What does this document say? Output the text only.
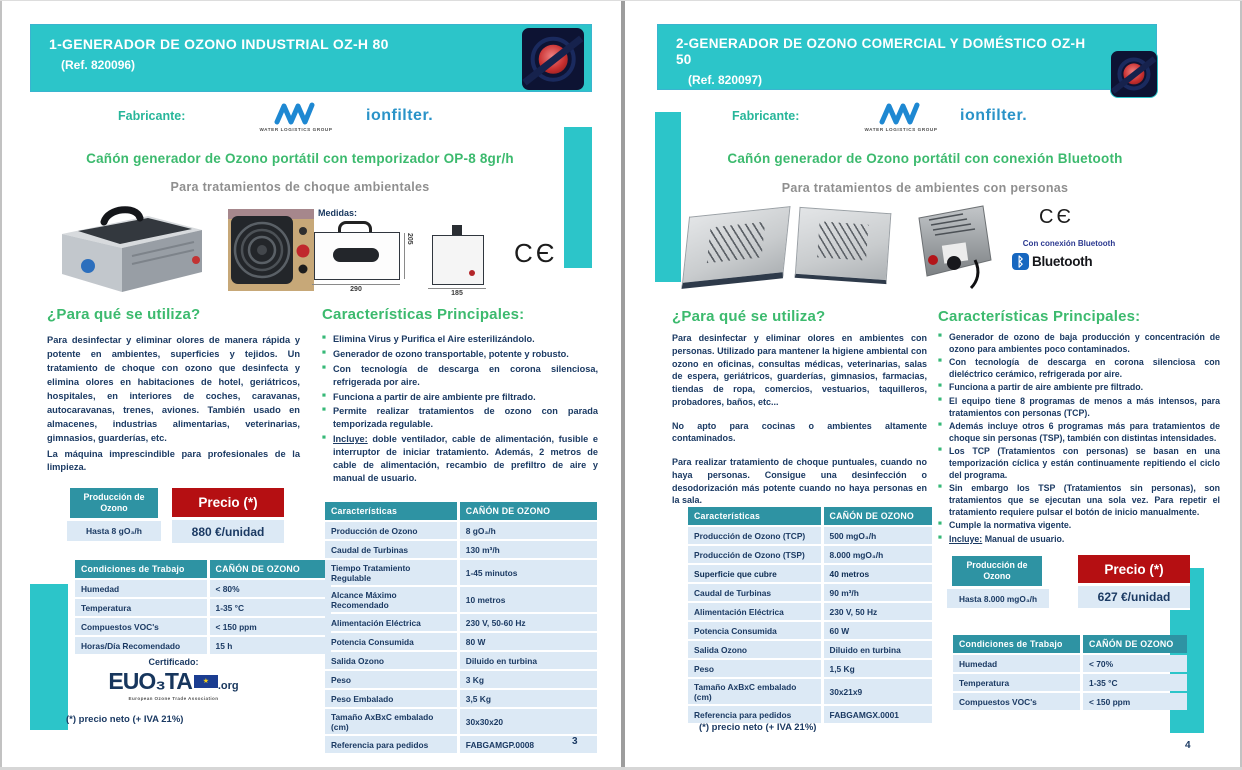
1-GENERADOR DE OZONO INDUSTRIAL OZ-H 80
(Ref. 820096)
Fabricante:
WATER LOGISTICS GROUP
ionfilter.
Cañón generador de Ozono portátil con temporizador OP-8 8gr/h
Para tratamientos de choque ambientales
Medidas:
290
205
185
CЄ
¿Para qué se utiliza?

Para desinfectar y eliminar olores de manera rápida y potente en ambientes, superficies y tejidos. Un tratamiento de choque con ozono que desinfecta y elimina olores en habitaciones de hotel, geriátricos, hospitales, en interiores de coches, caravanas, autocaravanas, trenes, aviones. También usado en almacenes, industrias alimentarias, veterinarias, gimnasios, guarderías, etc.

La máquina imprescindible para profesionales de la limpieza.

Producción de Ozono
Hasta 8 gO₃/h
Precio (*)
880 €/unidad
Condiciones de Trabajo	CAÑÓN DE OZONO
Humedad	< 80%
Temperatura	1-35 °C
Compuestos VOC's	< 150 ppm
Horas/Día Recomendado	15 h
Certificado:
EUO₃TA ★ .org
European Ozone Trade Association
(*) precio neto (+ IVA 21%)
Características Principales:
■ Elimina Virus y Purifica el Aire esterilizándolo.
■ Generador de ozono transportable, potente y robusto.
■ Con tecnología de descarga en corona silenciosa, refrigerada por aire.
■ Funciona a partir de aire ambiente pre filtrado.
■ Permite realizar tratamientos de ozono con parada temporizada regulable.
■ Incluye: doble ventilador, cable de alimentación, fusible e interruptor de iniciar tratamiento. Además, 2 metros de cable de alimentación, recambio de prefiltro de aire y manual de usuario.
Características	CAÑÓN DE OZONO
Producción de Ozono	8 gO₃/h
Caudal de Turbinas	130 m³/h
Tiempo Tratamiento Regulable	1-45 minutos
Alcance Máximo Recomendado	10 metros
Alimentación Eléctrica	230 V, 50-60 Hz
Potencia Consumida	80 W
Salida Ozono	Diluido en turbina
Peso	3 Kg
Peso Embalado	3,5 Kg
Tamaño AxBxC embalado (cm)	30x30x20
Referencia para pedidos	FABGAMGP.0008	3
2-GENERADOR DE OZONO COMERCIAL Y DOMÉSTICO OZ-H 50
(Ref. 820097)
Fabricante:
WATER LOGISTICS GROUP
ionfilter.
Cañón generador de Ozono portátil con conexión Bluetooth
Para tratamientos de ambientes con personas
CЄ
Con conexión Bluetooth
ᛒ Bluetooth
¿Para qué se utiliza?

Para desinfectar y eliminar olores en ambientes con personas. Utilizado para mantener la higiene ambiental con ozono en oficinas, consultas médicas, veterinarias, salas de espera, geriátricos, guarderías, gimnasios, farmacias, tiendas de ropa, comercios, vestuarios, taquilleros, probadores, baños, etc...

No apto para cocinas o ambientes altamente contaminados.

Para realizar tratamiento de choque puntuales, cuando no haya personas. Consigue una desinfección o desodorización más potente cuando no haya personas en la sala.

Características	CAÑÓN DE OZONO
Producción de Ozono (TCP)	500 mgO₃/h
Producción de Ozono (TSP)	8.000 mgO₃/h
Superficie que cubre	40 metros
Caudal de Turbinas	90 m³/h
Alimentación Eléctrica	230 V, 50 Hz
Potencia Consumida	60 W
Salida Ozono	Diluido en turbina
Peso	1,5 Kg
Tamaño AxBxC embalado (cm)	30x21x9
Referencia para pedidos	FABGAMGX.0001
(*) precio neto (+ IVA 21%)
Características Principales:
■ Generador de ozono de baja producción y concentración de ozono para ambientes poco contaminados.
■ Con tecnología de descarga en corona silenciosa con dieléctrico cerámico, refrigerada por aire.
■ Funciona a partir de aire ambiente pre filtrado.
■ El equipo tiene 8 programas de menos a más intensos, para tratamientos con personas (TCP).
■ Además incluye otros 6 programas más para tratamientos de choque sin personas (TSP), también con distintas intensidades.
■ Los TCP (Tratamientos con personas) se basan en una temporización cíclica y están continuamente repitiendo el ciclo del programa.
■ Sin embargo los TSP (Tratamientos sin personas), son tratamientos que se ejecutan una sola vez. Para repetir el tratamiento requiere pulsar el botón de inicio manualmente.
■ Cumple la normativa vigente.
■ Incluye: Manual de usuario.
Producción de Ozono
Hasta 8.000 mgO₃/h
Precio (*)
627 €/unidad
Condiciones de Trabajo	CAÑÓN DE OZONO
Humedad	< 70%
Temperatura	1-35 °C
Compuestos VOC's	< 150 ppm
4
